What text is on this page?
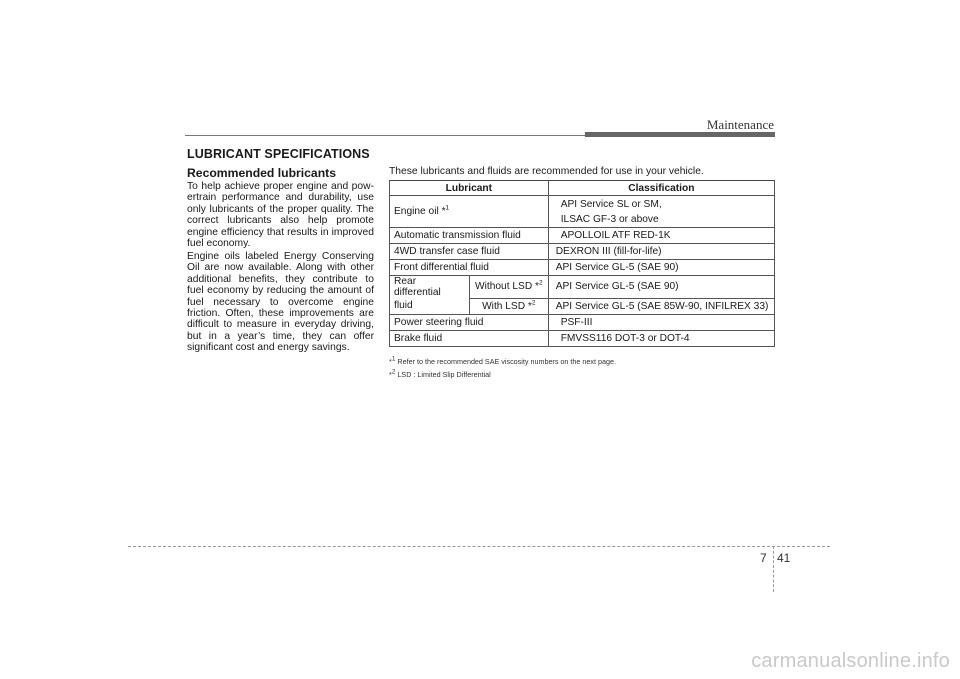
Maintenance
LUBRICANT SPECIFICATIONS
Recommended lubricants

To help achieve proper engine and powertrain performance and durability, use only lubricants of the proper quality. The correct lubricants also help promote engine efficiency that results in improved fuel economy.

Engine oils labeled Energy Conserving Oil are now available. Along with other additional benefits, they contribute to fuel economy by reducing the amount of fuel necessary to overcome engine friction. Often, these improvements are difficult to measure in everyday driving, but in a year’s time, they can offer significant cost and energy savings.

These lubricants and fluids are recommended for use in your vehicle.
Lubricant		Classification
Engine oil *$^1$		API Service SL or SM,
ILSAC GF-3 or above

Automatic transmission fluid		APOLLOIL ATF RED-1K
4WD transfer case fluid		DEXRON III (fill-for-life)
Front differential fluid		API Service GL-5 (SAE 90)
Rear differential	Without LSD *$^2$	API Service GL-5 (SAE 90)
fluid	With LSD *$^2$	API Service GL-5 (SAE 85W-90, INFILREX 33)
Power steering fluid		PSF-III
Brake fluid		FMVSS116 DOT-3 or DOT-4
*1 Refer to the recommended SAE viscosity numbers on the next page.
*2 LSD : Limited Slip Differential
7 41
carmanualsonline.info
